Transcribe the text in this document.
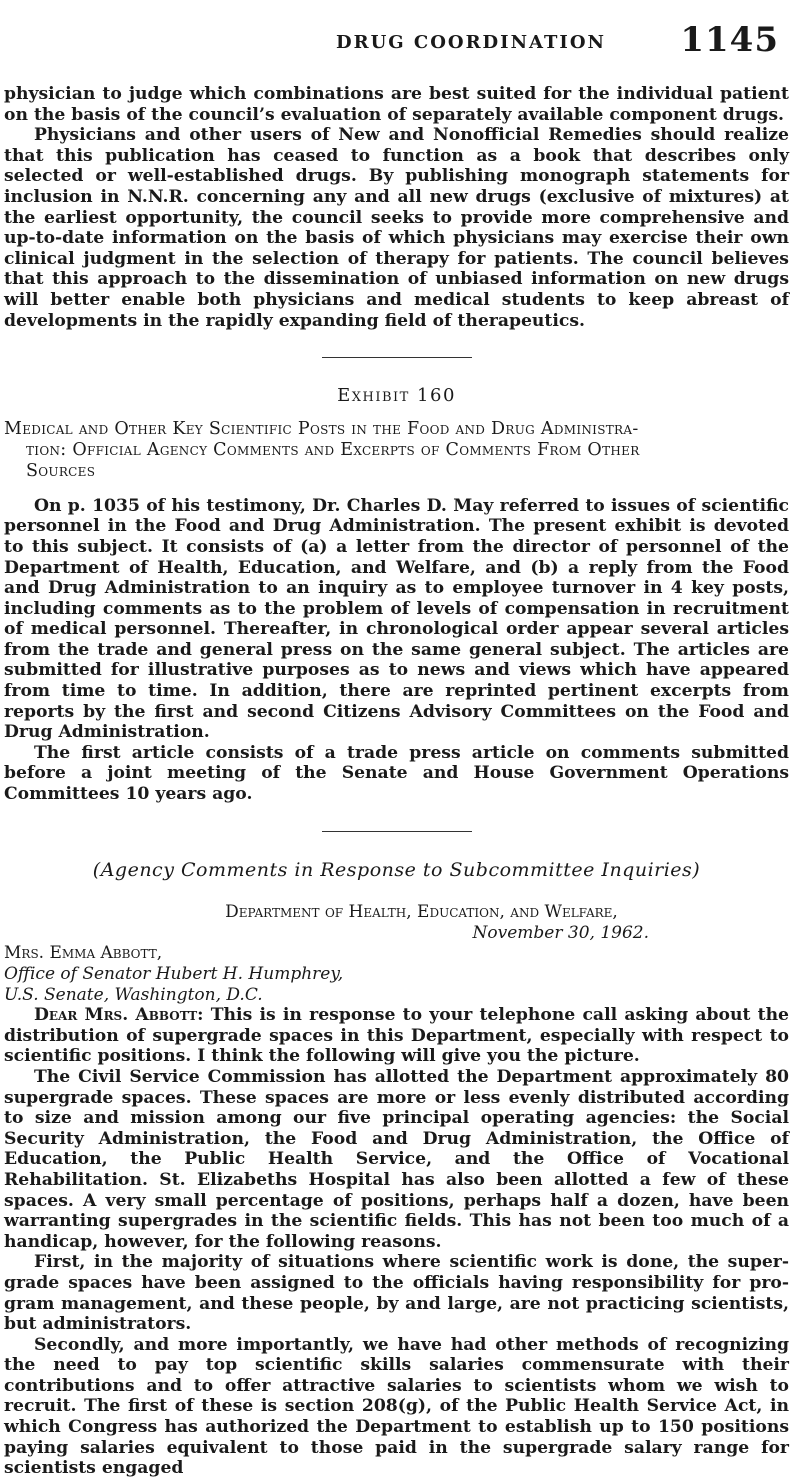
DRUG COORDINATION 1145

physician to judge which combinations are best suited for the individual patient on the basis of the council’s evaluation of separately available component drugs.

Physicians and other users of New and Nonofficial Remedies should realize that this publication has ceased to function as a book that describes only selected or well-established drugs. By publishing monograph statements for inclusion in N.N.R. concerning any and all new drugs (exclusive of mixtures) at the earliest opportunity, the council seeks to provide more comprehensive and up-to-date information on the basis of which physicians may exercise their own clinical judgment in the selection of therapy for patients. The council believes that this approach to the dissemination of unbiased information on new drugs will better enable both physicians and medical students to keep abreast of developments in the rapidly expanding field of therapeutics.

Exhibit 160
Medical and Other Key Scientific Posts in the Food and Drug Administra-
tion: Official Agency Comments and Excerpts of Comments From Other
Sources

On p. 1035 of his testimony, Dr. Charles D. May referred to issues of scientific personnel in the Food and Drug Administration. The present exhibit is devoted to this subject. It consists of (a) a letter from the director of personnel of the Department of Health, Education, and Welfare, and (b) a reply from the Food and Drug Administration to an inquiry as to employee turnover in 4 key posts, including comments as to the problem of levels of compensation in recruitment of medical personnel. Thereafter, in chronological order appear several articles from the trade and general press on the same general subject. The articles are submitted for illustrative purposes as to news and views which have appeared from time to time. In addition, there are reprinted pertinent excerpts from reports by the first and second Citizens Advisory Committees on the Food and Drug Administration.

The first article consists of a trade press article on comments submitted before a joint meeting of the Senate and House Government Operations Committees 10 years ago.

(Agency Comments in Response to Subcommittee Inquiries)
Department of Health, Education, and Welfare,
November 30, 1962.
Mrs. Emma Abbott,
Office of Senator Hubert H. Humphrey,
U.S. Senate, Washington, D.C.

Dear Mrs. Abbott: This is in response to your telephone call asking about the distribution of supergrade spaces in this Department, especially with respect to scientific positions. I think the following will give you the picture.

The Civil Service Commission has allotted the Department approximately 80 supergrade spaces. These spaces are more or less evenly distributed according to size and mission among our five principal operating agencies: the Social Security Administration, the Food and Drug Administration, the Office of Education, the Public Health Service, and the Office of Vocational Rehabilitation. St. Elizabeths Hospital has also been allotted a few of these spaces. A very small percentage of positions, perhaps half a dozen, have been warranting supergrades in the scientific fields. This has not been too much of a handicap, however, for the following reasons.

First, in the majority of situations where scientific work is done, the super-grade spaces have been assigned to the officials having responsibility for pro-gram management, and these people, by and large, are not practicing scientists, but administrators.

Secondly, and more importantly, we have had other methods of recognizing the need to pay top scientific skills salaries commensurate with their contributions and to offer attractive salaries to scientists whom we wish to recruit. The first of these is section 208(g), of the Public Health Service Act, in which Congress has authorized the Department to establish up to 150 positions paying salaries equivalent to those paid in the supergrade salary range for scientists engaged
